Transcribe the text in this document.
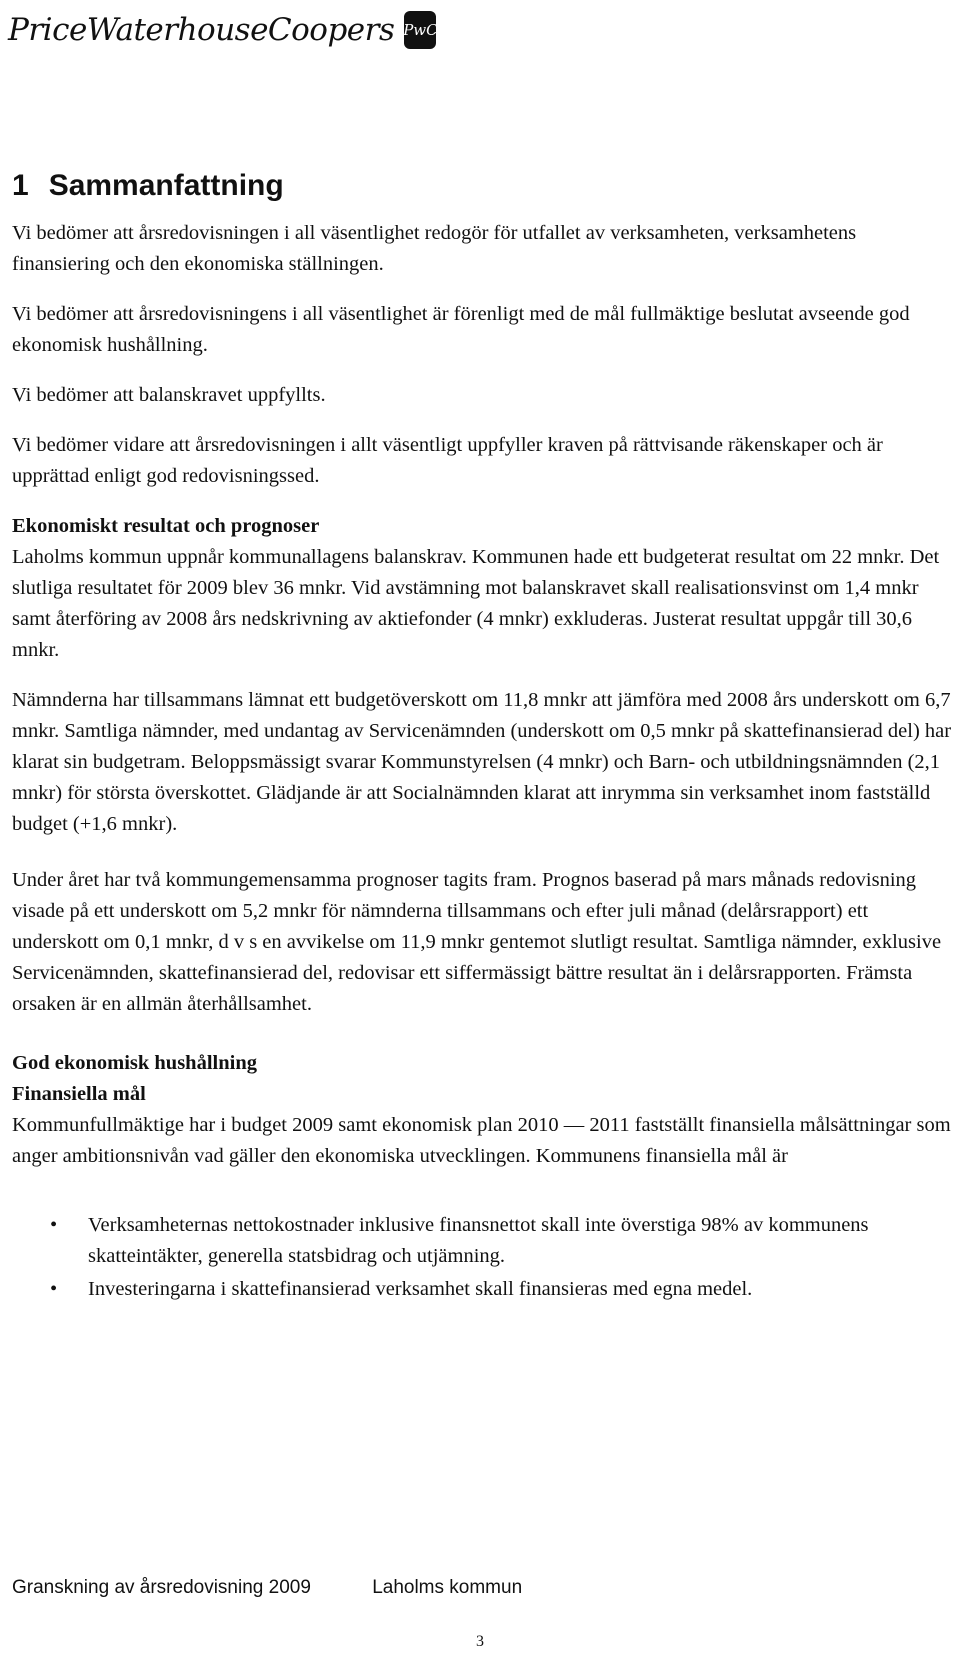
PriceWaterhouseCoopers PwC
1 Sammanfattning

Vi bedömer att årsredovisningen i all väsentlighet redogör för utfallet av verksamheten, verksamhetens finansiering och den ekonomiska ställningen.

Vi bedömer att årsredovisningens i all väsentlighet är förenligt med de mål fullmäktige beslutat avseende god ekonomisk hushållning.

Vi bedömer att balanskravet uppfyllts.

Vi bedömer vidare att årsredovisningen i allt väsentligt uppfyller kraven på rättvisande räkenskaper och är upprättad enligt god redovisningssed.

Ekonomiskt resultat och prognoser
Laholms kommun uppnår kommunallagens balanskrav. Kommunen hade ett budgeterat resultat om 22 mnkr. Det slutliga resultatet för 2009 blev 36 mnkr. Vid avstämning mot balanskravet skall realisationsvinst om 1,4 mnkr samt återföring av 2008 års nedskrivning av aktiefonder (4 mnkr) exkluderas. Justerat resultat uppgår till 30,6 mnkr.

Nämnderna har tillsammans lämnat ett budgetöverskott om 11,8 mnkr att jämföra med 2008 års underskott om 6,7 mnkr. Samtliga nämnder, med undantag av Servicenämnden (underskott om 0,5 mnkr på skattefinansierad del) har klarat sin budgetram. Beloppsmässigt svarar Kommunstyrelsen (4 mnkr) och Barn- och utbildningsnämnden (2,1 mnkr) för största överskottet. Glädjande är att Socialnämnden klarat att inrymma sin verksamhet inom fastställd budget (+1,6 mnkr).

Under året har två kommungemensamma prognoser tagits fram. Prognos baserad på mars månads redovisning visade på ett underskott om 5,2 mnkr för nämnderna tillsammans och efter juli månad (delårsrapport) ett underskott om 0,1 mnkr, d v s en avvikelse om 11,9 mnkr gentemot slutligt resultat. Samtliga nämnder, exklusive Servicenämnden, skattefinansierad del, redovisar ett siffermässigt bättre resultat än i delårsrapporten. Främsta orsaken är en allmän återhållsamhet.

God ekonomisk hushållning
Finansiella mål
Kommunfullmäktige har i budget 2009 samt ekonomisk plan 2010 — 2011 fastställt finansiella målsättningar som anger ambitionsnivån vad gäller den ekonomiska utvecklingen. Kommunens finansiella mål är
• Verksamheternas nettokostnader inklusive finansnettot skall inte överstiga 98% av kommunens skatteintäkter, generella statsbidrag och utjämning.
• Investeringarna i skattefinansierad verksamhet skall finansieras med egna medel.
Granskning av årsredovisning 2009	Laholms kommun
3
